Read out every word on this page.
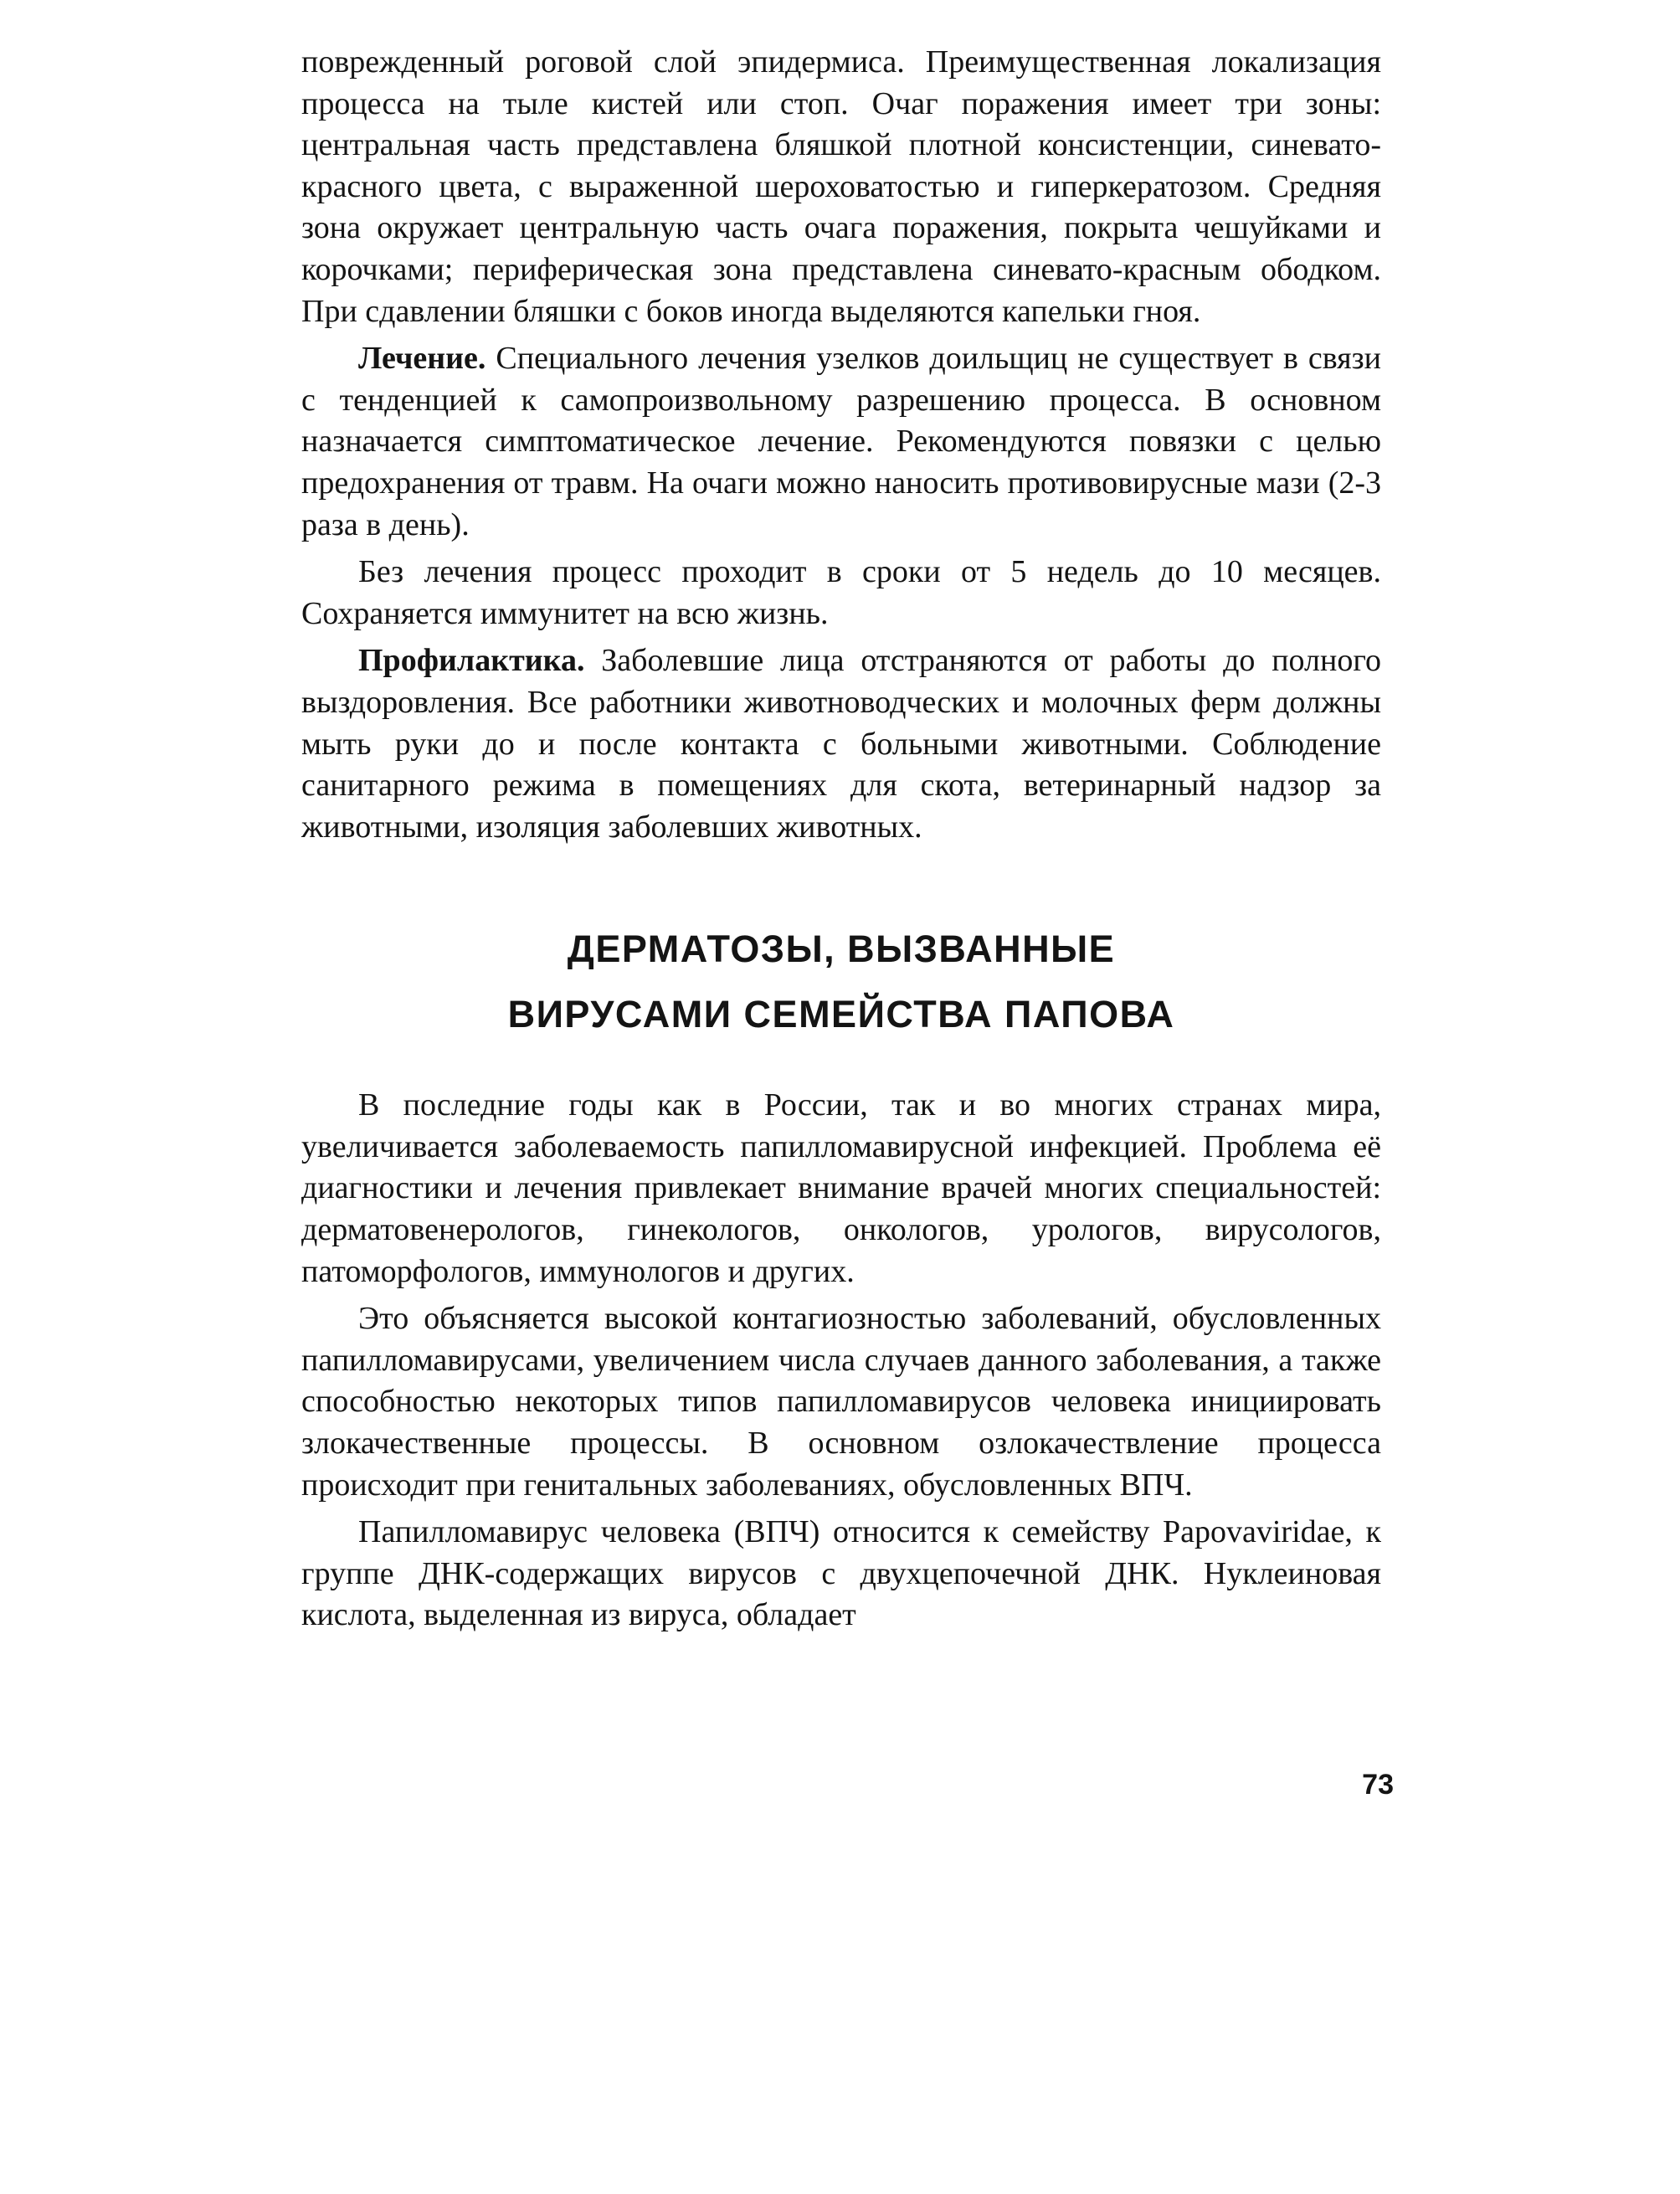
поврежденный роговой слой эпидермиса. Преимущественная локализация процесса на тыле кистей или стоп. Очаг поражения имеет три зоны: центральная часть представлена бляшкой плотной консистенции, синевато-красного цвета, с выраженной шероховатостью и гиперкератозом. Средняя зона окружает центральную часть очага поражения, покрыта чешуйками и корочками; периферическая зона представлена синевато-красным ободком. При сдавлении бляшки с боков иногда выделяются капельки гноя.

Лечение. Специального лечения узелков доильщиц не существует в связи с тенденцией к самопроизвольному разрешению процесса. В основном назначается симптоматическое лечение. Рекомендуются повязки с целью предохранения от травм. На очаги можно наносить противовирусные мази (2-3 раза в день).

Без лечения процесс проходит в сроки от 5 недель до 10 месяцев. Сохраняется иммунитет на всю жизнь.

Профилактика. Заболевшие лица отстраняются от работы до полного выздоровления. Все работники животноводческих и молочных ферм должны мыть руки до и после контакта с больными животными. Соблюдение санитарного режима в помещениях для скота, ветеринарный надзор за животными, изоляция заболевших животных.

ДЕРМАТОЗЫ, ВЫЗВАННЫЕ
ВИРУСАМИ СЕМЕЙСТВА ПАПОВА

В последние годы как в России, так и во многих странах мира, увеличивается заболеваемость папилломавирусной инфекцией. Проблема её диагностики и лечения привлекает внимание врачей многих специальностей: дерматовенерологов, гинекологов, онкологов, урологов, вирусологов, патоморфологов, иммунологов и других.

Это объясняется высокой контагиозностью заболеваний, обусловленных папилломавирусами, увеличением числа случаев данного заболевания, а также способностью некоторых типов папилломавирусов человека инициировать злокачественные процессы. В основном озлокачествление процесса происходит при генитальных заболеваниях, обусловленных ВПЧ.

Папилломавирус человека (ВПЧ) относится к семейству Papovaviridae, к группе ДНК-содержащих вирусов с двухцепочечной ДНК. Нуклеиновая кислота, выделенная из вируса, обладает

73
